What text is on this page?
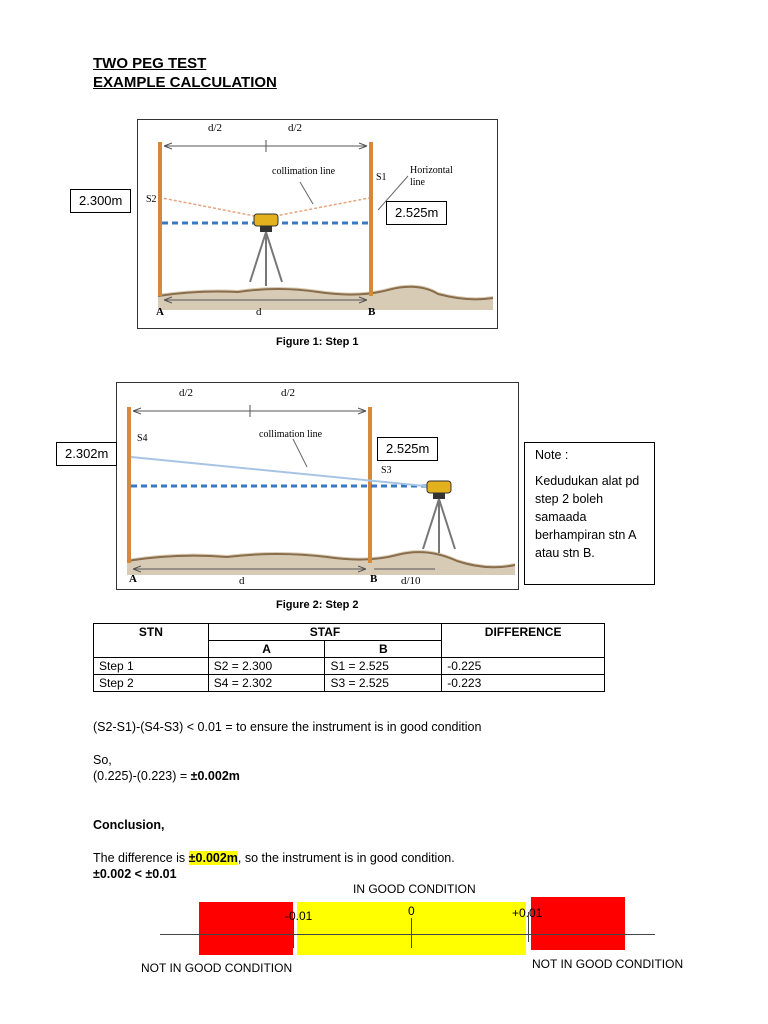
TWO PEG TEST
EXAMPLE CALCULATION
d/2	d/2
collimation line	Horizontal
line
S2
S1
A	d	B
2.300m
2.525m
Figure 1: Step 1
d/2	d/2
collimation line
S4
S3
A	d	B d/10
2.302m	2.525m
Figure 2: Step 2
Note :
Kedudukan alat pd
step 2 boleh
samaada
berhampiran stn A
atau stn B.
STN	STAF		DIFFERENCE
	A	B	
Step 1	S2 = 2.300	S1 = 2.525	-0.225
Step 2	S4 = 2.302	S3 = 2.525	-0.223
(S2-S1)-(S4-S3) < 0.01 = to ensure the instrument is in good condition
So,
(0.225)-(0.223) = ±0.002m
Conclusion,
The difference is ±0.002m, so the instrument is in good condition.
±0.002 < ±0.01
IN GOOD CONDITION
-0.01	0	+0.01
NOT IN GOOD CONDITION	NOT IN GOOD CONDITION
